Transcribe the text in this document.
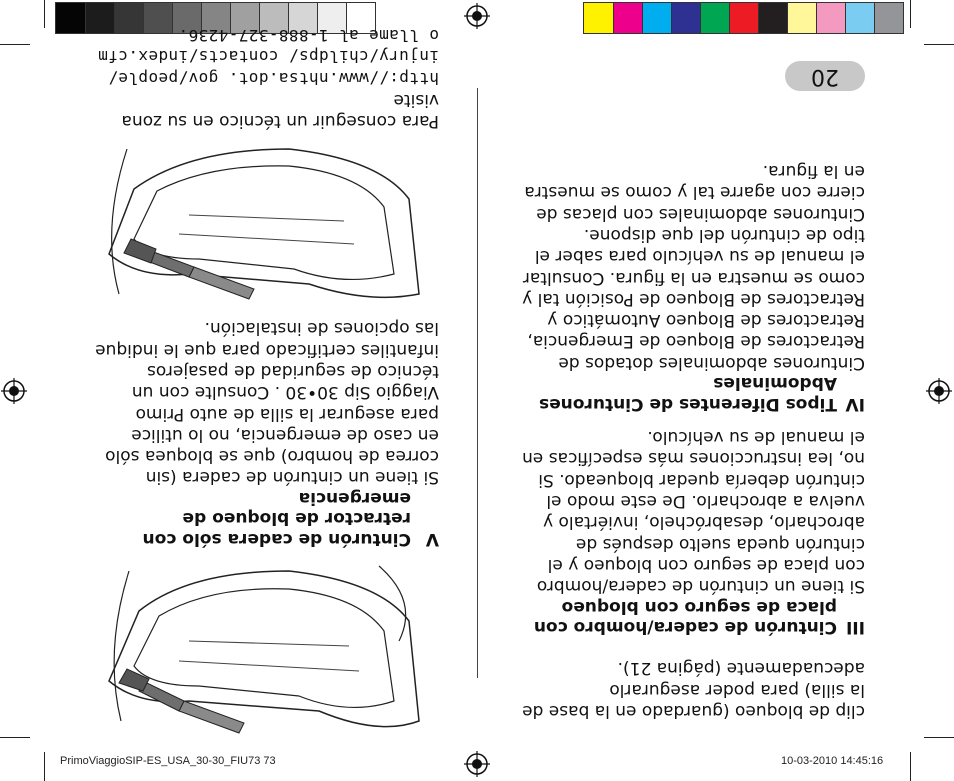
PrimoViaggioSIP-ES_USA_30-30_FIU73 73	10-03-2010 14:45:16
20

clip de bloqueo (guardado en la base de la silla) para poder asegurarlo adecuadamente (página 21).

III
Cinturón de cadera/hombro con placa de seguro con bloqueo

Si tiene un cinturón de cadera/hombro con placa de seguro con bloqueo y el cinturón queda suelto después de abrocharlo, desabróchelo, inviértalo y vuelva a abrocharlo. De este modo el cinturón debería quedar bloqueado. Si no, lea instrucciones más específicas en el manual de su vehículo.

IV
Tipos Diferentes de Cinturones Abdominales

Cinturones abdominales dotados de Retractores de Bloqueo de Emergencia, Retractores de Bloqueo Automático y Retractores de Bloqueo de Posición tal y como se muestra en la figura. Consultar el manual de su vehículo para saber el tipo de cinturón del que dispone. Cinturones abdominales con placas de cierre con agarre tal y como se muestra en la figura.

V
Cinturón de cadera sólo con retractor de bloqueo de emergencia

Si tiene un cinturón de cadera (sin correa de hombro) que se bloquea sólo en caso de emergencia, no lo utilice para asegurar la silla de auto Primo Viaggio Sip 30•30 . Consulte con un técnico de seguridad de pasajeros infantiles certificado para que le indique las opciones de instalación.

Para conseguir un técnico en su zona visite

http://www.nhtsa.dot. gov/people/

injury/childps/ contacts/index.cfm

o llame al 1-888-327-4236.
